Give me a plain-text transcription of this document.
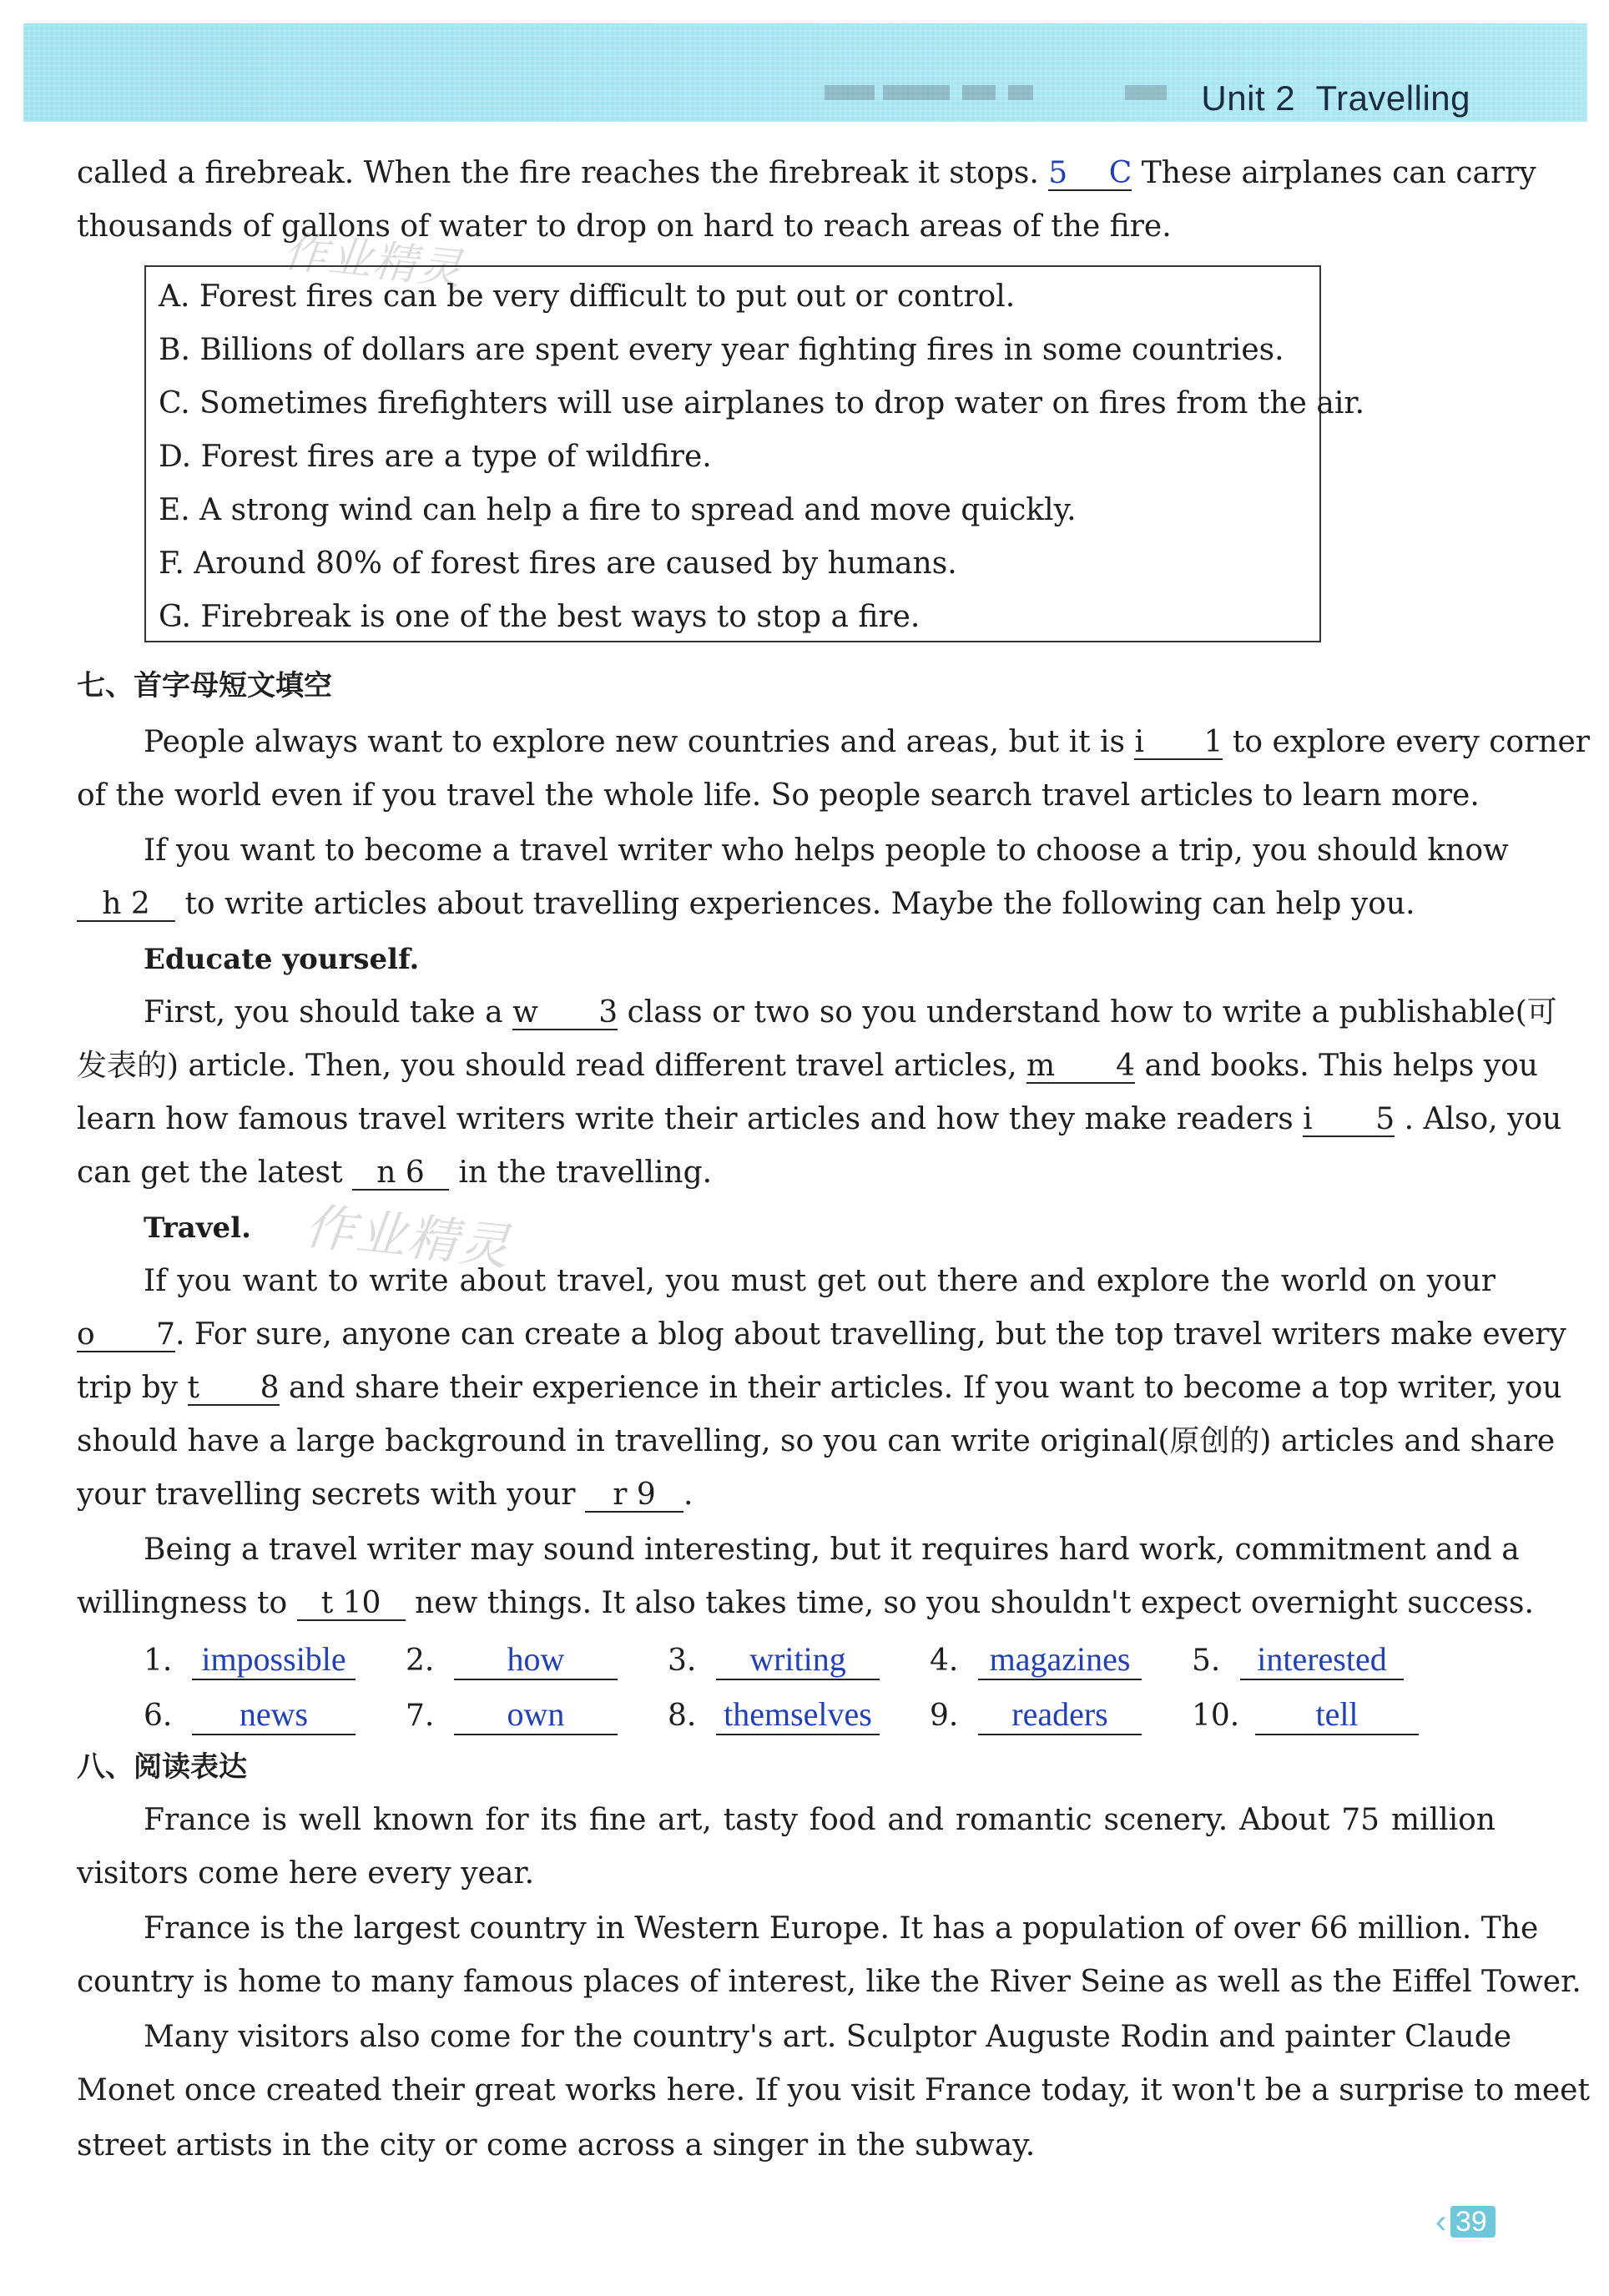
Unit 2 Travelling
作业精灵
作业精灵
called a firebreak. When the fire reaches the firebreak it stops. 5 C These airplanes can carry
thousands of gallons of water to drop on hard to reach areas of the fire.
A. Forest fires can be very difficult to put out or control.
B. Billions of dollars are spent every year fighting fires in some countries.
C. Sometimes firefighters will use airplanes to drop water on fires from the air.
D. Forest fires are a type of wildfire.
E. A strong wind can help a fire to spread and move quickly.
F. Around 80% of forest fires are caused by humans.
G. Firebreak is one of the best ways to stop a fire.
七、首字母短文填空
People always want to explore new countries and areas, but it is i 1 to explore every corner
of the world even if you travel the whole life. So people search travel articles to learn more.
If you want to become a travel writer who helps people to choose a trip, you should know
h 2 to write articles about travelling experiences. Maybe the following can help you.
Educate yourself.
First, you should take a w 3 class or two so you understand how to write a publishable(可
发表的) article. Then, you should read different travel articles, m 4 and books. This helps you
learn how famous travel writers write their articles and how they make readers i 5 . Also, you
can get the latest n 6 in the travelling.
Travel.
If you want to write about travel, you must get out there and explore the world on your
o 7. For sure, anyone can create a blog about travelling, but the top travel writers make every
trip by t 8 and share their experience in their articles. If you want to become a top writer, you
should have a large background in travelling, so you can write original(原创的) articles and share
your travelling secrets with your r 9 .
Being a travel writer may sound interesting, but it requires hard work, commitment and a
willingness to t 10 new things. It also takes time, so you shouldn't expect overnight success.
1. impossible	2. how	3. writing	4. magazines	5. interested
6. news	7. own	8. themselves 9. readers	10. tell
八、阅读表达
France is well known for its fine art, tasty food and romantic scenery. About 75 million
visitors come here every year.
France is the largest country in Western Europe. It has a population of over 66 million. The
country is home to many famous places of interest, like the River Seine as well as the Eiffel Tower.
Many visitors also come for the country's art. Sculptor Auguste Rodin and painter Claude
Monet once created their great works here. If you visit France today, it won't be a surprise to meet
street artists in the city or come across a singer in the subway.
‹ 39
